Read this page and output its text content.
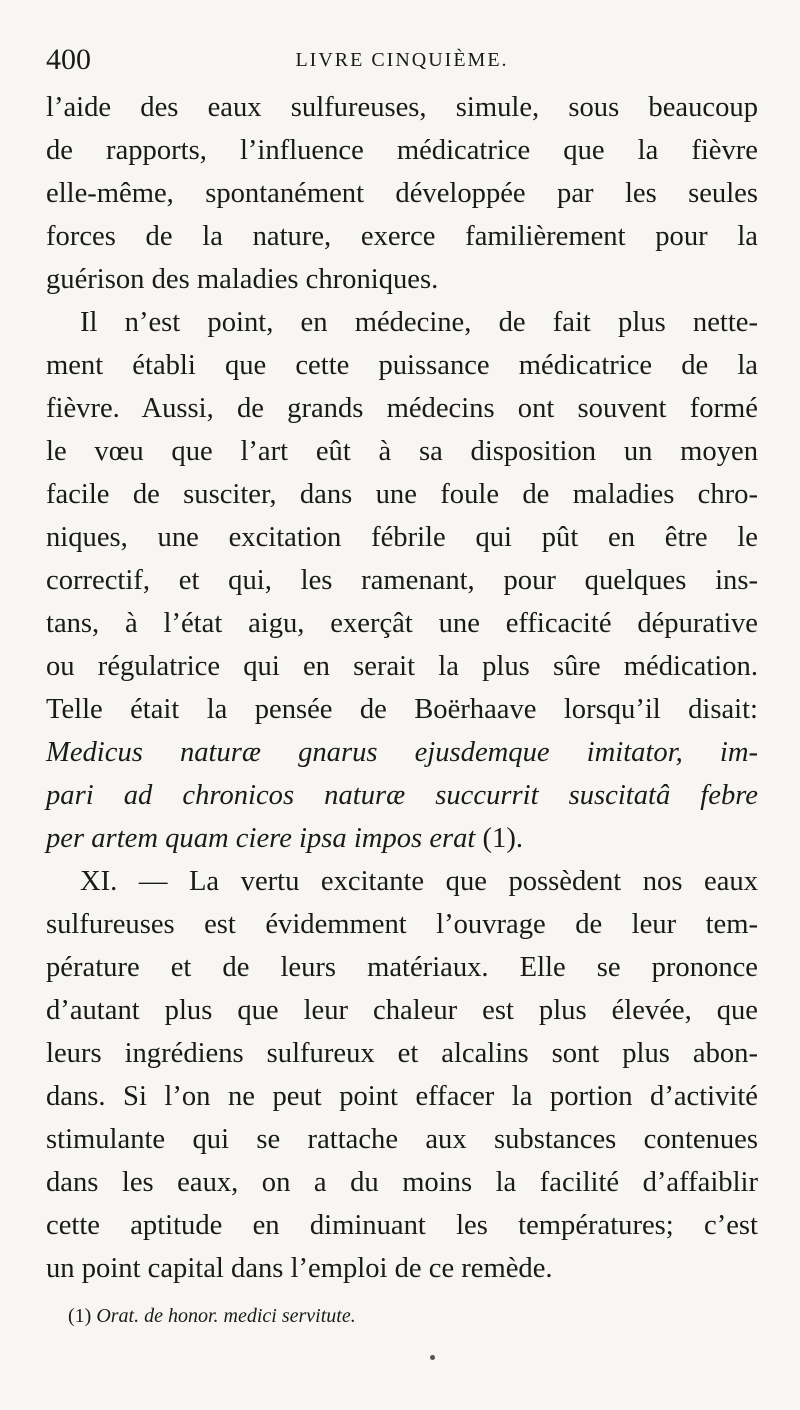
400	LIVRE CINQUIÈME.

l’aide des eaux sulfureuses, simule, sous beaucoup
de rapports, l’influence médicatrice que la fièvre
elle-même, spontanément développée par les seules
forces de la nature, exerce familièrement pour la
guérison des maladies chroniques.

Il n’est point, en médecine, de fait plus nette-
ment établi que cette puissance médicatrice de la
fièvre. Aussi, de grands médecins ont souvent formé
le vœu que l’art eût à sa disposition un moyen
facile de susciter, dans une foule de maladies chro-
niques, une excitation fébrile qui pût en être le
correctif, et qui, les ramenant, pour quelques ins-
tans, à l’état aigu, exerçât une efficacité dépurative
ou régulatrice qui en serait la plus sûre médication.
Telle était la pensée de Boërhaave lorsqu’il disait:
Medicus naturæ gnarus ejusdemque imitator, im-
pari ad chronicos naturæ succurrit suscitatâ febre
per artem quam ciere ipsa impos erat (1).

XI. — La vertu excitante que possèdent nos eaux
sulfureuses est évidemment l’ouvrage de leur tem-
pérature et de leurs matériaux. Elle se prononce
d’autant plus que leur chaleur est plus élevée, que
leurs ingrédiens sulfureux et alcalins sont plus abon-
dans. Si l’on ne peut point effacer la portion d’activité
stimulante qui se rattache aux substances contenues
dans les eaux, on a du moins la facilité d’affaiblir
cette aptitude en diminuant les températures; c’est
un point capital dans l’emploi de ce remède.

(1) Orat. de honor. medici servitute.
